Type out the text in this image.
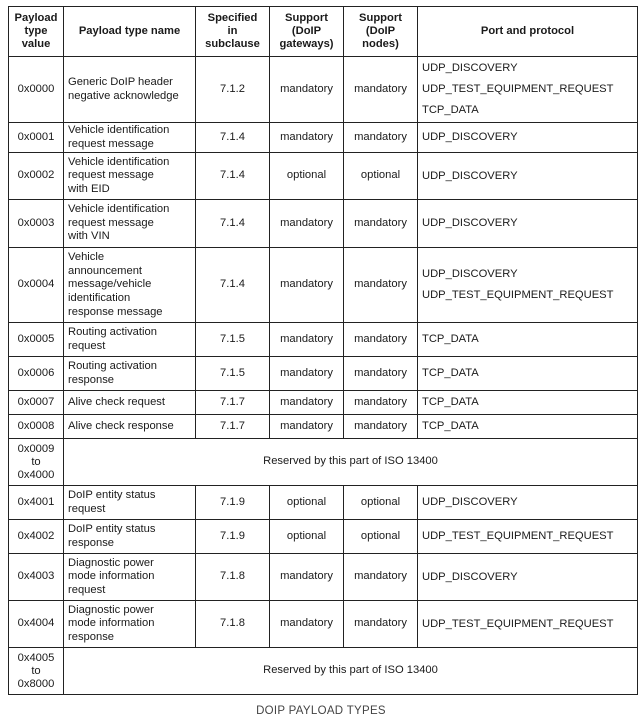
Payload
type
value	Payload type name	Specified
in
subclause	Support
(DoIP
gateways)	Support
(DoIP
nodes)	Port and protocol
0x0000	Generic DoIP header
negative acknowledge	7.1.2	mandatory	mandatory	UDP_DISCOVERY
UDP_TEST_EQUIPMENT_REQUEST
TCP_DATA

0x0001	Vehicle identification
request message	7.1.4	mandatory	mandatory	UDP_DISCOVERY

0x0002	Vehicle identification
request message
with EID	7.1.4	optional	optional	UDP_DISCOVERY

0x0003	Vehicle identification
request message
with VIN	7.1.4	mandatory	mandatory	UDP_DISCOVERY

0x0004	Vehicle
announcement
message/vehicle
identification
response message	7.1.4	mandatory	mandatory	UDP_DISCOVERY
UDP_TEST_EQUIPMENT_REQUEST

0x0005	Routing activation
request	7.1.5	mandatory	mandatory	TCP_DATA

0x0006	Routing activation
response	7.1.5	mandatory	mandatory	TCP_DATA

0x0007	Alive check request	7.1.7	mandatory	mandatory	TCP_DATA

0x0008	Alive check response	7.1.7	mandatory	mandatory	TCP_DATA

0x0009
to
0x4000	Reserved by this part of ISO 13400				
0x4001	DoIP entity status
request	7.1.9	optional	optional	UDP_DISCOVERY

0x4002	DoIP entity status
response	7.1.9	optional	optional	UDP_TEST_EQUIPMENT_REQUEST

0x4003	Diagnostic power
mode information
request	7.1.8	mandatory	mandatory	UDP_DISCOVERY

0x4004	Diagnostic power
mode information
response	7.1.8	mandatory	mandatory	UDP_TEST_EQUIPMENT_REQUEST

0x4005
to
0x8000	Reserved by this part of ISO 13400				
DOIP PAYLOAD TYPES
